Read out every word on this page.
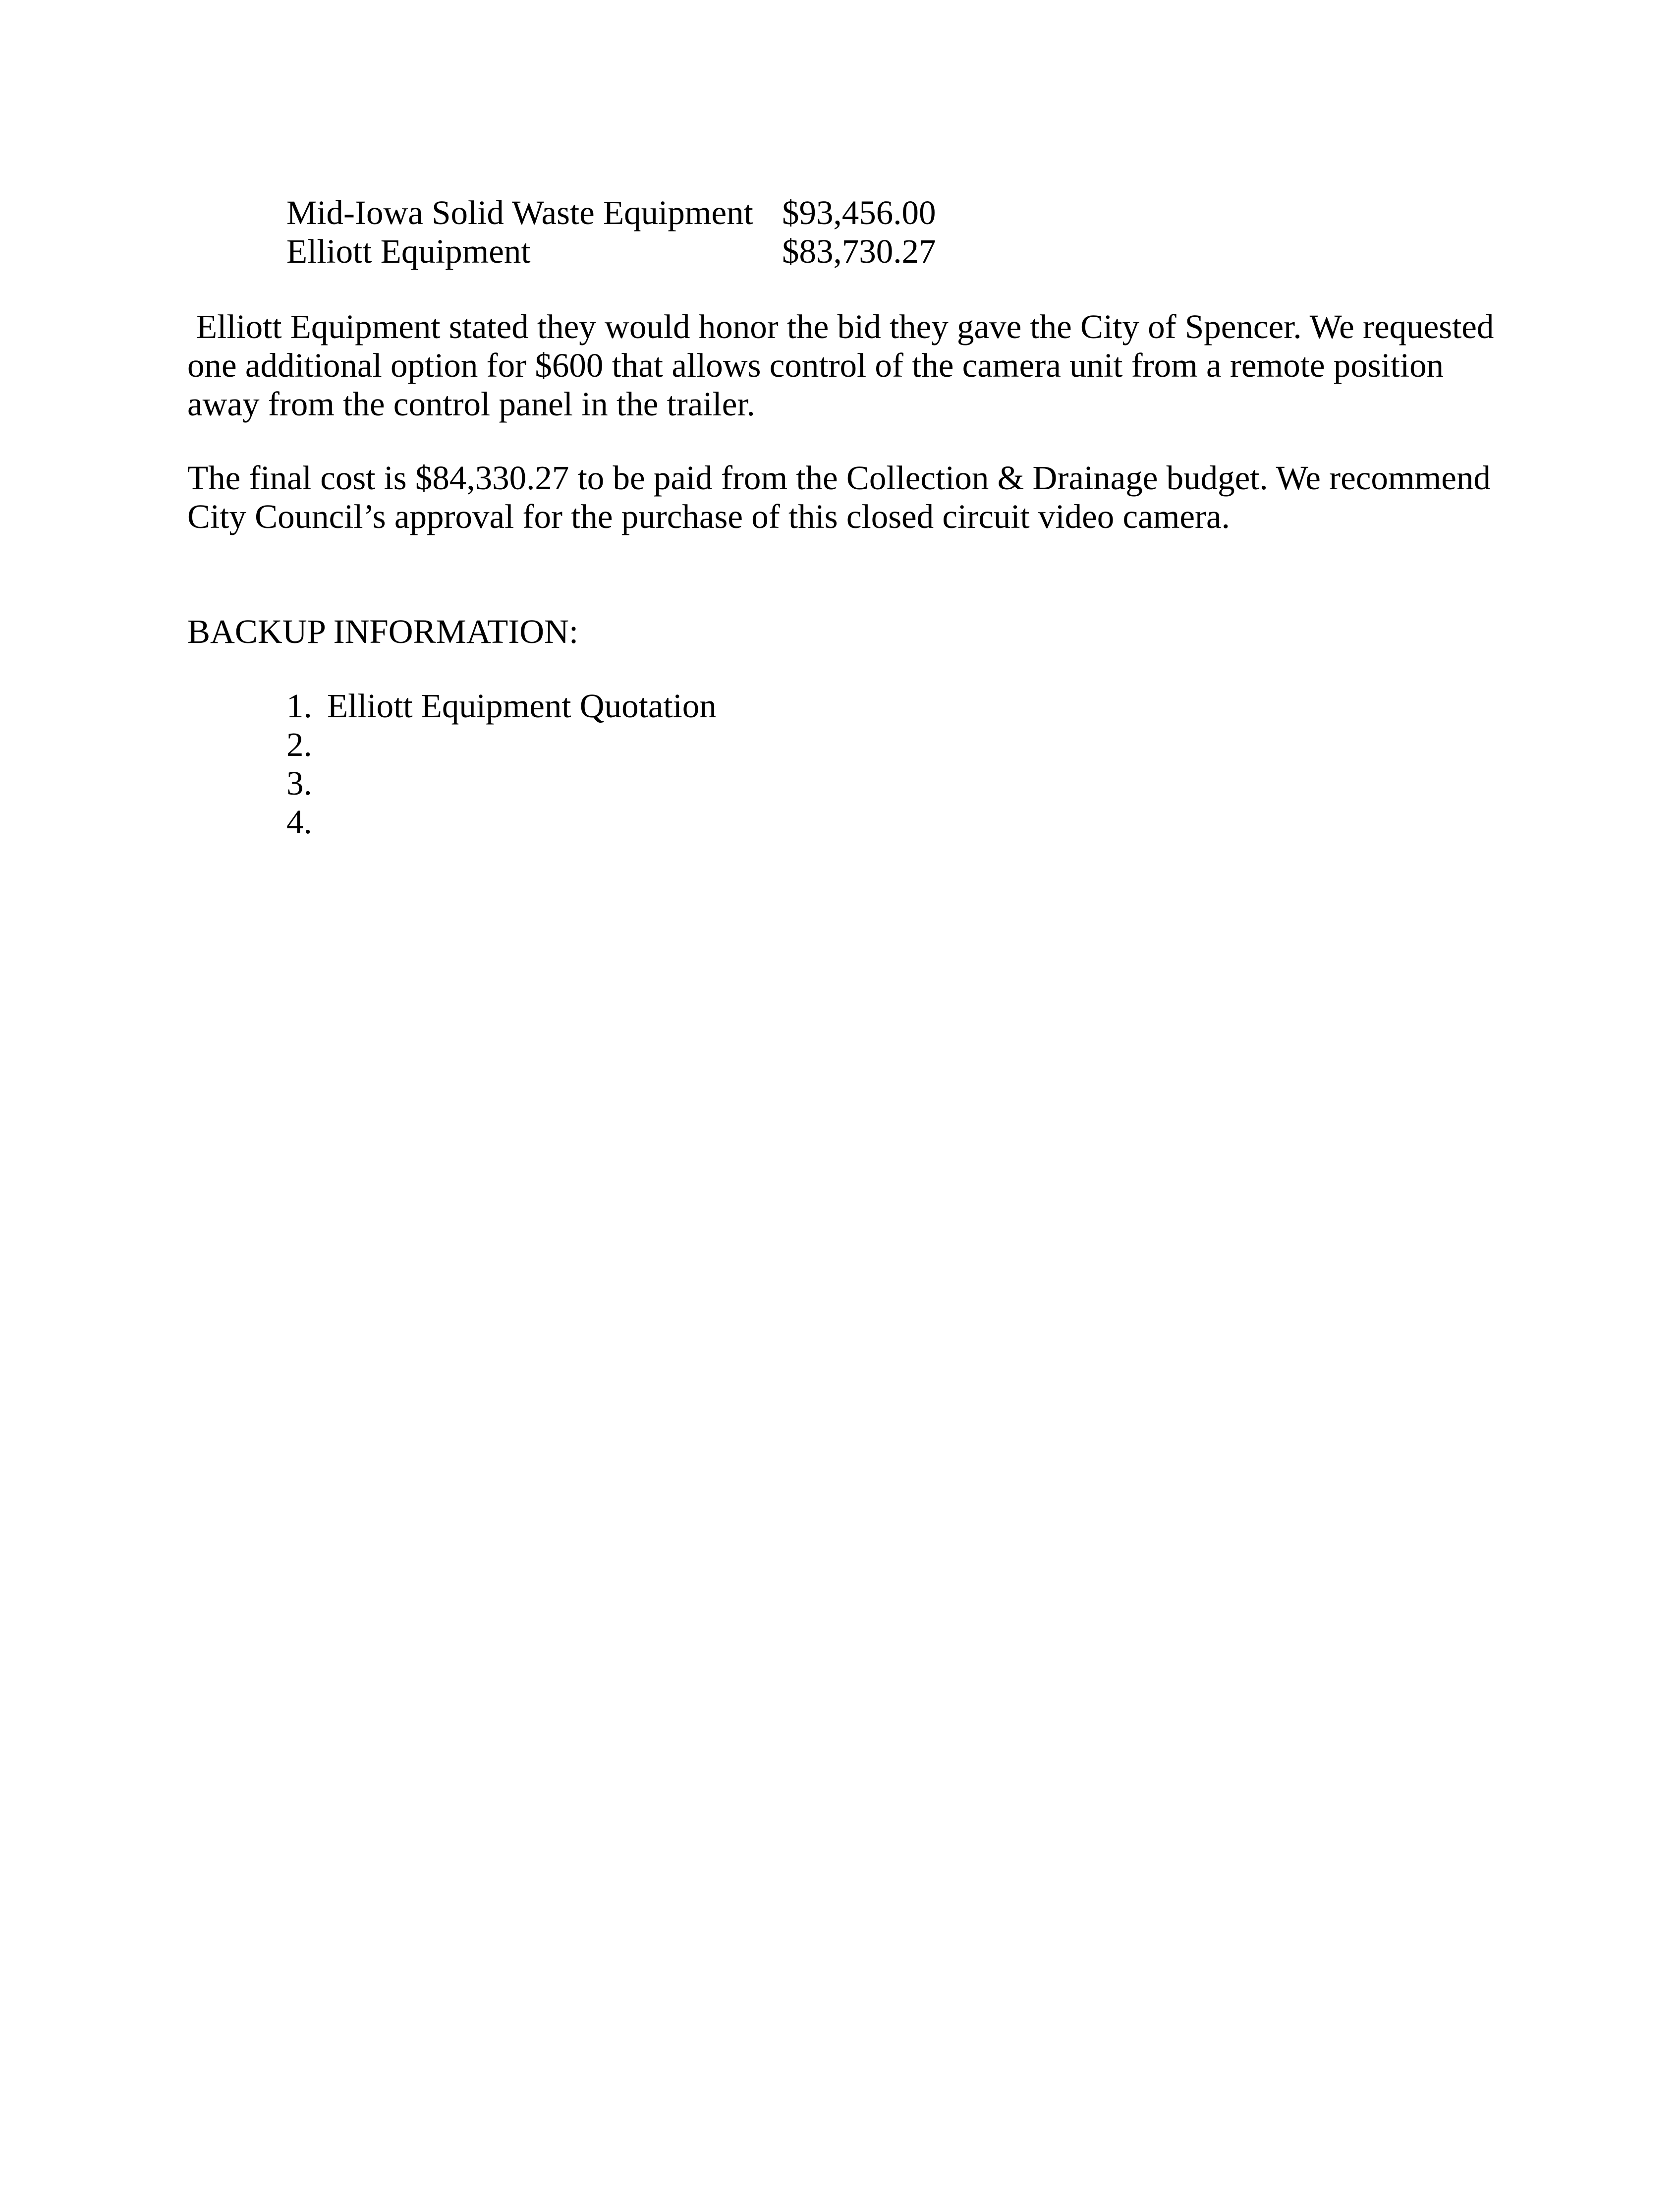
Mid-Iowa Solid Waste Equipment $93,456.00
Elliott Equipment	$83,730.27

Elliott Equipment stated they would honor the bid they gave the City of Spencer. We requested one additional option for $600 that allows control of the camera unit from a remote position away from the control panel in the trailer.

The final cost is $84,330.27 to be paid from the Collection & Drainage budget. We recommend City Council’s approval for the purchase of this closed circuit video camera.

BACKUP INFORMATION:
1. Elliott Equipment Quotation
2.
3.
4.
